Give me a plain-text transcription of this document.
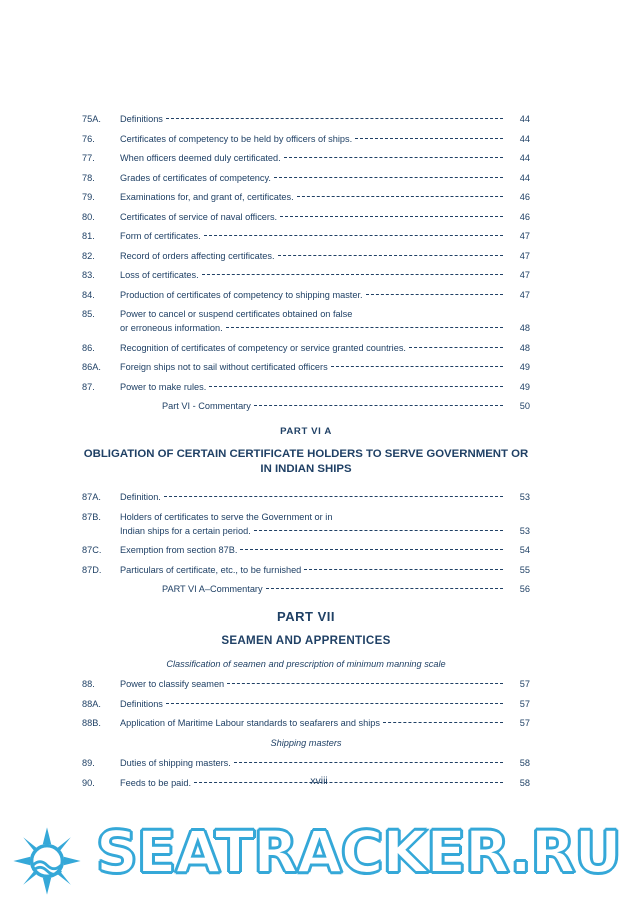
75A.	Definitions	44
76.	Certificates of competency to be held by officers of ships.	44
77.	When officers deemed duly certificated.	44
78.	Grades of certificates of competency.	44
79.	Examinations for, and grant of, certificates.	46
80.	Certificates of service of naval officers.	46
81.	Form of certificates.	47
82.	Record of orders affecting certificates.	47
83.	Loss of certificates.	47
84.	Production of certificates of competency to shipping master.	47
85.	Power to cancel or suspend certificates obtained on false
or erroneous information.	48
86.	Recognition of certificates of competency or service granted countries.	48
86A.	Foreign ships not to sail without certificated officers	49
87.	Power to make rules.	49
Part VI - Commentary	50
PART VI A
OBLIGATION OF CERTAIN CERTIFICATE HOLDERS TO SERVE GOVERNMENT OR IN INDIAN SHIPS
87A.	Definition.	53
87B.	Holders of certificates to serve the Government or in
Indian ships for a certain period.	53
87C.	Exemption from section 87B.	54
87D.	Particulars of certificate, etc., to be furnished	55
PART VI A–Commentary	56
PART VII
SEAMEN AND APPRENTICES
Classification of seamen and prescription of minimum manning scale
88.	Power to classify seamen	57
88A.	Definitions	57
88B.	Application of Maritime Labour standards to seafarers and ships	57
Shipping masters
89.	Duties of shipping masters.	58
90.	Feeds to be paid.	58
xviii
SEATRACKER.RU
